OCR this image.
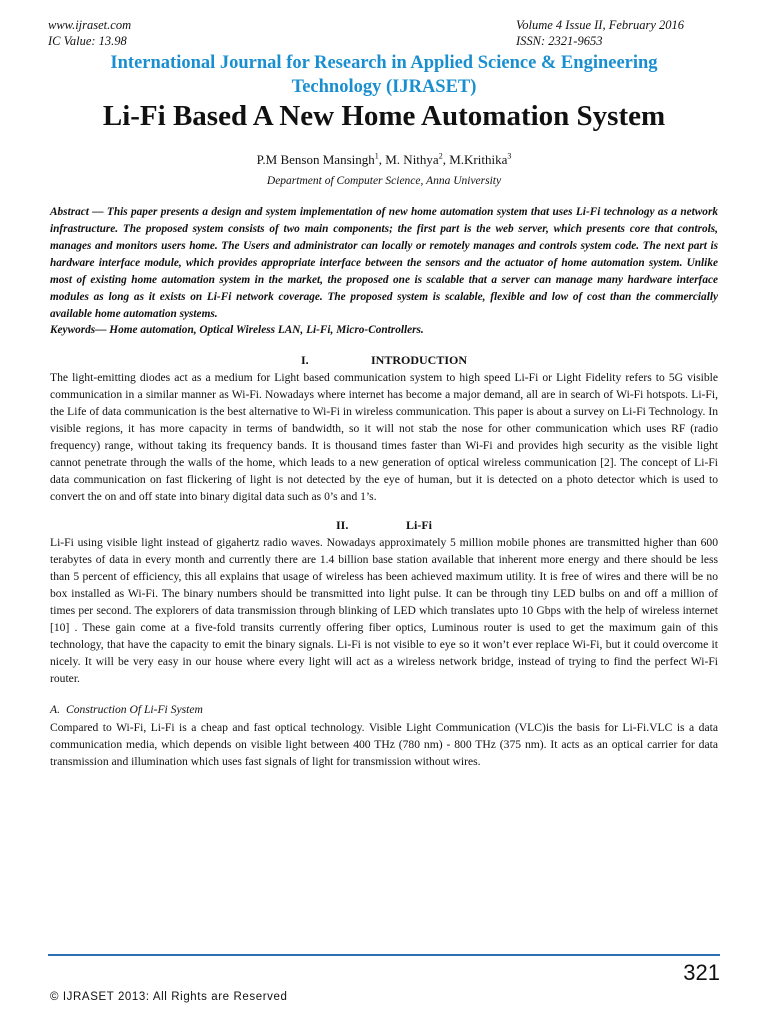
www.ijraset.com
IC Value: 13.98
Volume 4 Issue II, February 2016
ISSN: 2321-9653
International Journal for Research in Applied Science & Engineering
Technology (IJRASET)
Li-Fi Based A New Home Automation System
P.M Benson Mansingh$^1$, M. Nithya$^2$, M.Krithika$^3$
Department of Computer Science, Anna University

Abstract — This paper presents a design and system implementation of new home automation system that uses Li-Fi technology as a network infrastructure. The proposed system consists of two main components; the first part is the web server, which presents core that controls, manages and monitors users home. The Users and administrator can locally or remotely manages and controls system code. The next part is hardware interface module, which provides appropriate interface between the sensors and the actuator of home automation system. Unlike most of existing home automation system in the market, the proposed one is scalable that a server can manage many hardware interface modules as long as it exists on Li-Fi network coverage. The proposed system is scalable, flexible and low of cost than the commercially available home automation systems.

Keywords— Home automation, Optical Wireless LAN, Li-Fi, Micro-Controllers.

I.	INTRODUCTION

The light-emitting diodes act as a medium for Light based communication system to high speed Li-Fi or Light Fidelity refers to 5G visible communication in a similar manner as Wi-Fi. Nowadays where internet has become a major demand, all are in search of Wi-Fi hotspots. Li-Fi, the Life of data communication is the best alternative to Wi-Fi in wireless communication. This paper is about a survey on Li-Fi Technology. In visible regions, it has more capacity in terms of bandwidth, so it will not stab the nose for other communication which uses RF (radio frequency) range, without taking its frequency bands. It is thousand times faster than Wi-Fi and provides high security as the visible light cannot penetrate through the walls of the home, which leads to a new generation of optical wireless communication [2]. The concept of Li-Fi data communication on fast flickering of light is not detected by the eye of human, but it is detected on a photo detector which is used to convert the on and off state into binary digital data such as 0’s and 1’s.

II.	Li-Fi

Li-Fi using visible light instead of gigahertz radio waves. Nowadays approximately 5 million mobile phones are transmitted higher than 600 terabytes of data in every month and currently there are 1.4 billion base station available that inherent more energy and there should be less than 5 percent of efficiency, this all explains that usage of wireless has been achieved maximum utility. It is free of wires and there will be no box installed as Wi-Fi. The binary numbers should be transmitted into light pulse. It can be through tiny LED bulbs on and off a million of times per second. The explorers of data transmission through blinking of LED which translates upto 10 Gbps with the help of wireless internet [10] . These gain come at a five-fold transits currently offering fiber optics, Luminous router is used to get the maximum gain of this technology, that have the capacity to emit the binary signals. Li-Fi is not visible to eye so it won’t ever replace Wi-Fi, but it could overcome it nicely. It will be very easy in our house where every light will act as a wireless network bridge, instead of trying to find the perfect Wi-Fi router.

A. Construction Of Li-Fi System

Compared to Wi-Fi, Li-Fi is a cheap and fast optical technology. Visible Light Communication (VLC)is the basis for Li-Fi.VLC is a data communication media, which depends on visible light between 400 THz (780 nm) - 800 THz (375 nm). It acts as an optical carrier for data transmission and illumination which uses fast signals of light for transmission without wires.

321
© IJRASET 2013: All Rights are Reserved
